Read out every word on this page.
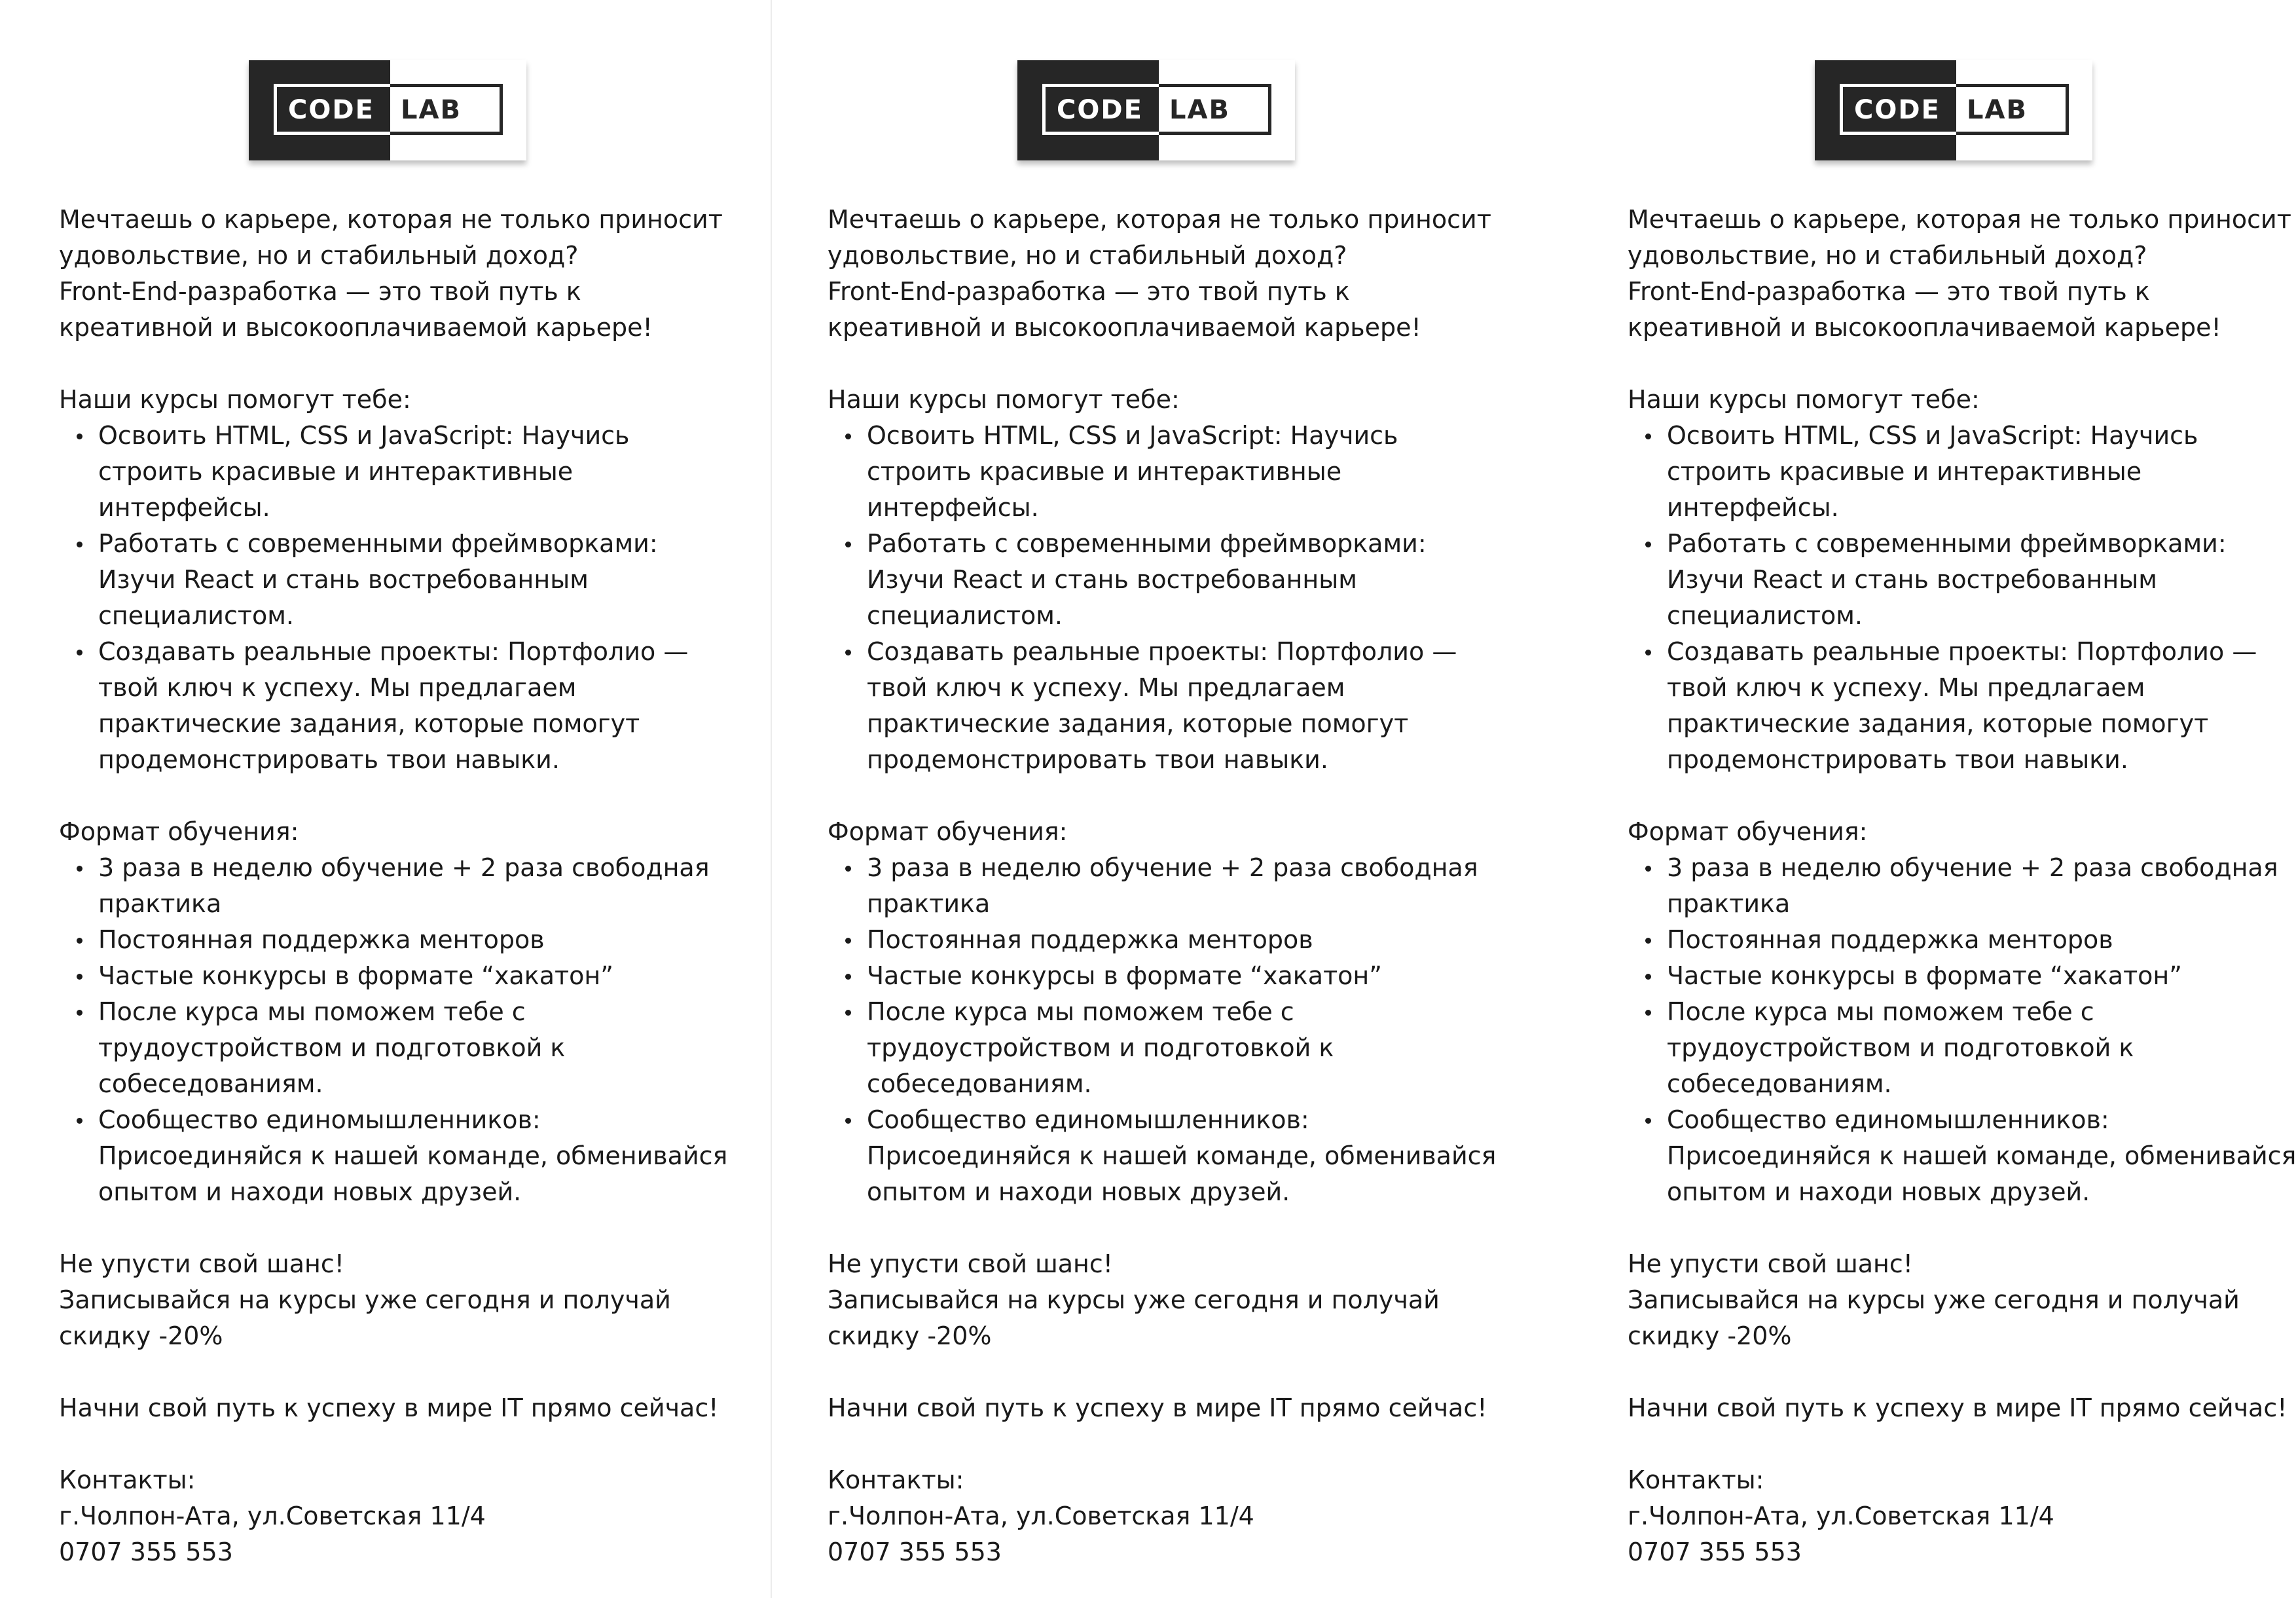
CODE	LAB

Мечтаешь о карьере, которая не только приносит

удовольствие, но и стабильный доход?

Front-End-разработка — это твой путь к

креативной и высокооплачиваемой карьере!

Наши курсы помогут тебе:

Освоить HTML, CSS и JavaScript: Научись

строить красивые и интерактивные

интерфейсы.

Работать с современными фреймворками:

Изучи React и стань востребованным

специалистом.

Создавать реальные проекты: Портфолио —

твой ключ к успеху. Мы предлагаем

практические задания, которые помогут

продемонстрировать твои навыки.

Формат обучения:

3 раза в неделю обучение + 2 раза свободная

практика

Постоянная поддержка менторов

Частые конкурсы в формате “хакатон”

После курса мы поможем тебе с

трудоустройством и подготовкой к

собеседованиям.

Сообщество единомышленников:

Присоединяйся к нашей команде, обменивайся

опытом и находи новых друзей.

Не упусти свой шанс!

Записывайся на курсы уже сегодня и получай

скидку -20%

Начни свой путь к успеху в мире IT прямо сейчас!

Контакты:

г.Чолпон-Ата, ул.Советская 11/4

0707 355 553

CODE	LAB

Мечтаешь о карьере, которая не только приносит

удовольствие, но и стабильный доход?

Front-End-разработка — это твой путь к

креативной и высокооплачиваемой карьере!

Наши курсы помогут тебе:

Освоить HTML, CSS и JavaScript: Научись

строить красивые и интерактивные

интерфейсы.

Работать с современными фреймворками:

Изучи React и стань востребованным

специалистом.

Создавать реальные проекты: Портфолио —

твой ключ к успеху. Мы предлагаем

практические задания, которые помогут

продемонстрировать твои навыки.

Формат обучения:

3 раза в неделю обучение + 2 раза свободная

практика

Постоянная поддержка менторов

Частые конкурсы в формате “хакатон”

После курса мы поможем тебе с

трудоустройством и подготовкой к

собеседованиям.

Сообщество единомышленников:

Присоединяйся к нашей команде, обменивайся

опытом и находи новых друзей.

Не упусти свой шанс!

Записывайся на курсы уже сегодня и получай

скидку -20%

Начни свой путь к успеху в мире IT прямо сейчас!

Контакты:

г.Чолпон-Ата, ул.Советская 11/4

0707 355 553

CODE	LAB

Мечтаешь о карьере, которая не только приносит

удовольствие, но и стабильный доход?

Front-End-разработка — это твой путь к

креативной и высокооплачиваемой карьере!

Наши курсы помогут тебе:

Освоить HTML, CSS и JavaScript: Научись

строить красивые и интерактивные

интерфейсы.

Работать с современными фреймворками:

Изучи React и стань востребованным

специалистом.

Создавать реальные проекты: Портфолио —

твой ключ к успеху. Мы предлагаем

практические задания, которые помогут

продемонстрировать твои навыки.

Формат обучения:

3 раза в неделю обучение + 2 раза свободная

практика

Постоянная поддержка менторов

Частые конкурсы в формате “хакатон”

После курса мы поможем тебе с

трудоустройством и подготовкой к

собеседованиям.

Сообщество единомышленников:

Присоединяйся к нашей команде, обменивайся

опытом и находи новых друзей.

Не упусти свой шанс!

Записывайся на курсы уже сегодня и получай

скидку -20%

Начни свой путь к успеху в мире IT прямо сейчас!

Контакты:

г.Чолпон-Ата, ул.Советская 11/4

0707 355 553
